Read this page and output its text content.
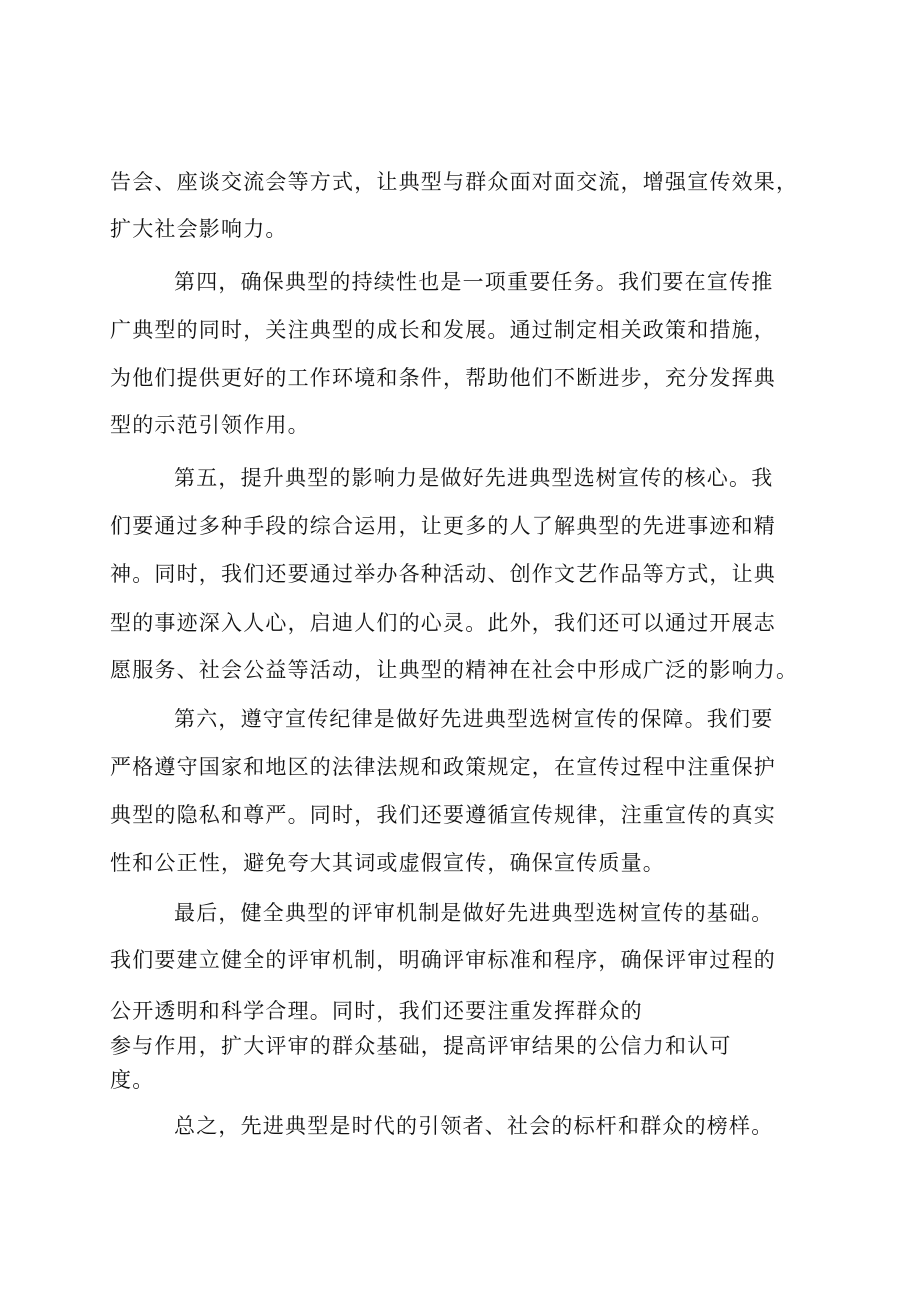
告会、座谈交流会等方式，让典型与群众面对面交流，增强宣传效果，
扩大社会影响力。
第四，确保典型的持续性也是一项重要任务。我们要在宣传推
广典型的同时，关注典型的成长和发展。通过制定相关政策和措施，
为他们提供更好的工作环境和条件，帮助他们不断进步，充分发挥典
型的示范引领作用。
第五，提升典型的影响力是做好先进典型选树宣传的核心。我
们要通过多种手段的综合运用，让更多的人了解典型的先进事迹和精
神。同时，我们还要通过举办各种活动、创作文艺作品等方式，让典
型的事迹深入人心，启迪人们的心灵。此外，我们还可以通过开展志
愿服务、社会公益等活动，让典型的精神在社会中形成广泛的影响力。
第六，遵守宣传纪律是做好先进典型选树宣传的保障。我们要
严格遵守国家和地区的法律法规和政策规定，在宣传过程中注重保护
典型的隐私和尊严。同时，我们还要遵循宣传规律，注重宣传的真实
性和公正性，避免夸大其词或虚假宣传，确保宣传质量。
最后，健全典型的评审机制是做好先进典型选树宣传的基础。
我们要建立健全的评审机制，明确评审标准和程序，确保评审过程的
公开透明和科学合理。同时，我们还要注重发挥群众的
参与作用，扩大评审的群众基础，提高评审结果的公信力和认可
度。
总之，先进典型是时代的引领者、社会的标杆和群众的榜样。
